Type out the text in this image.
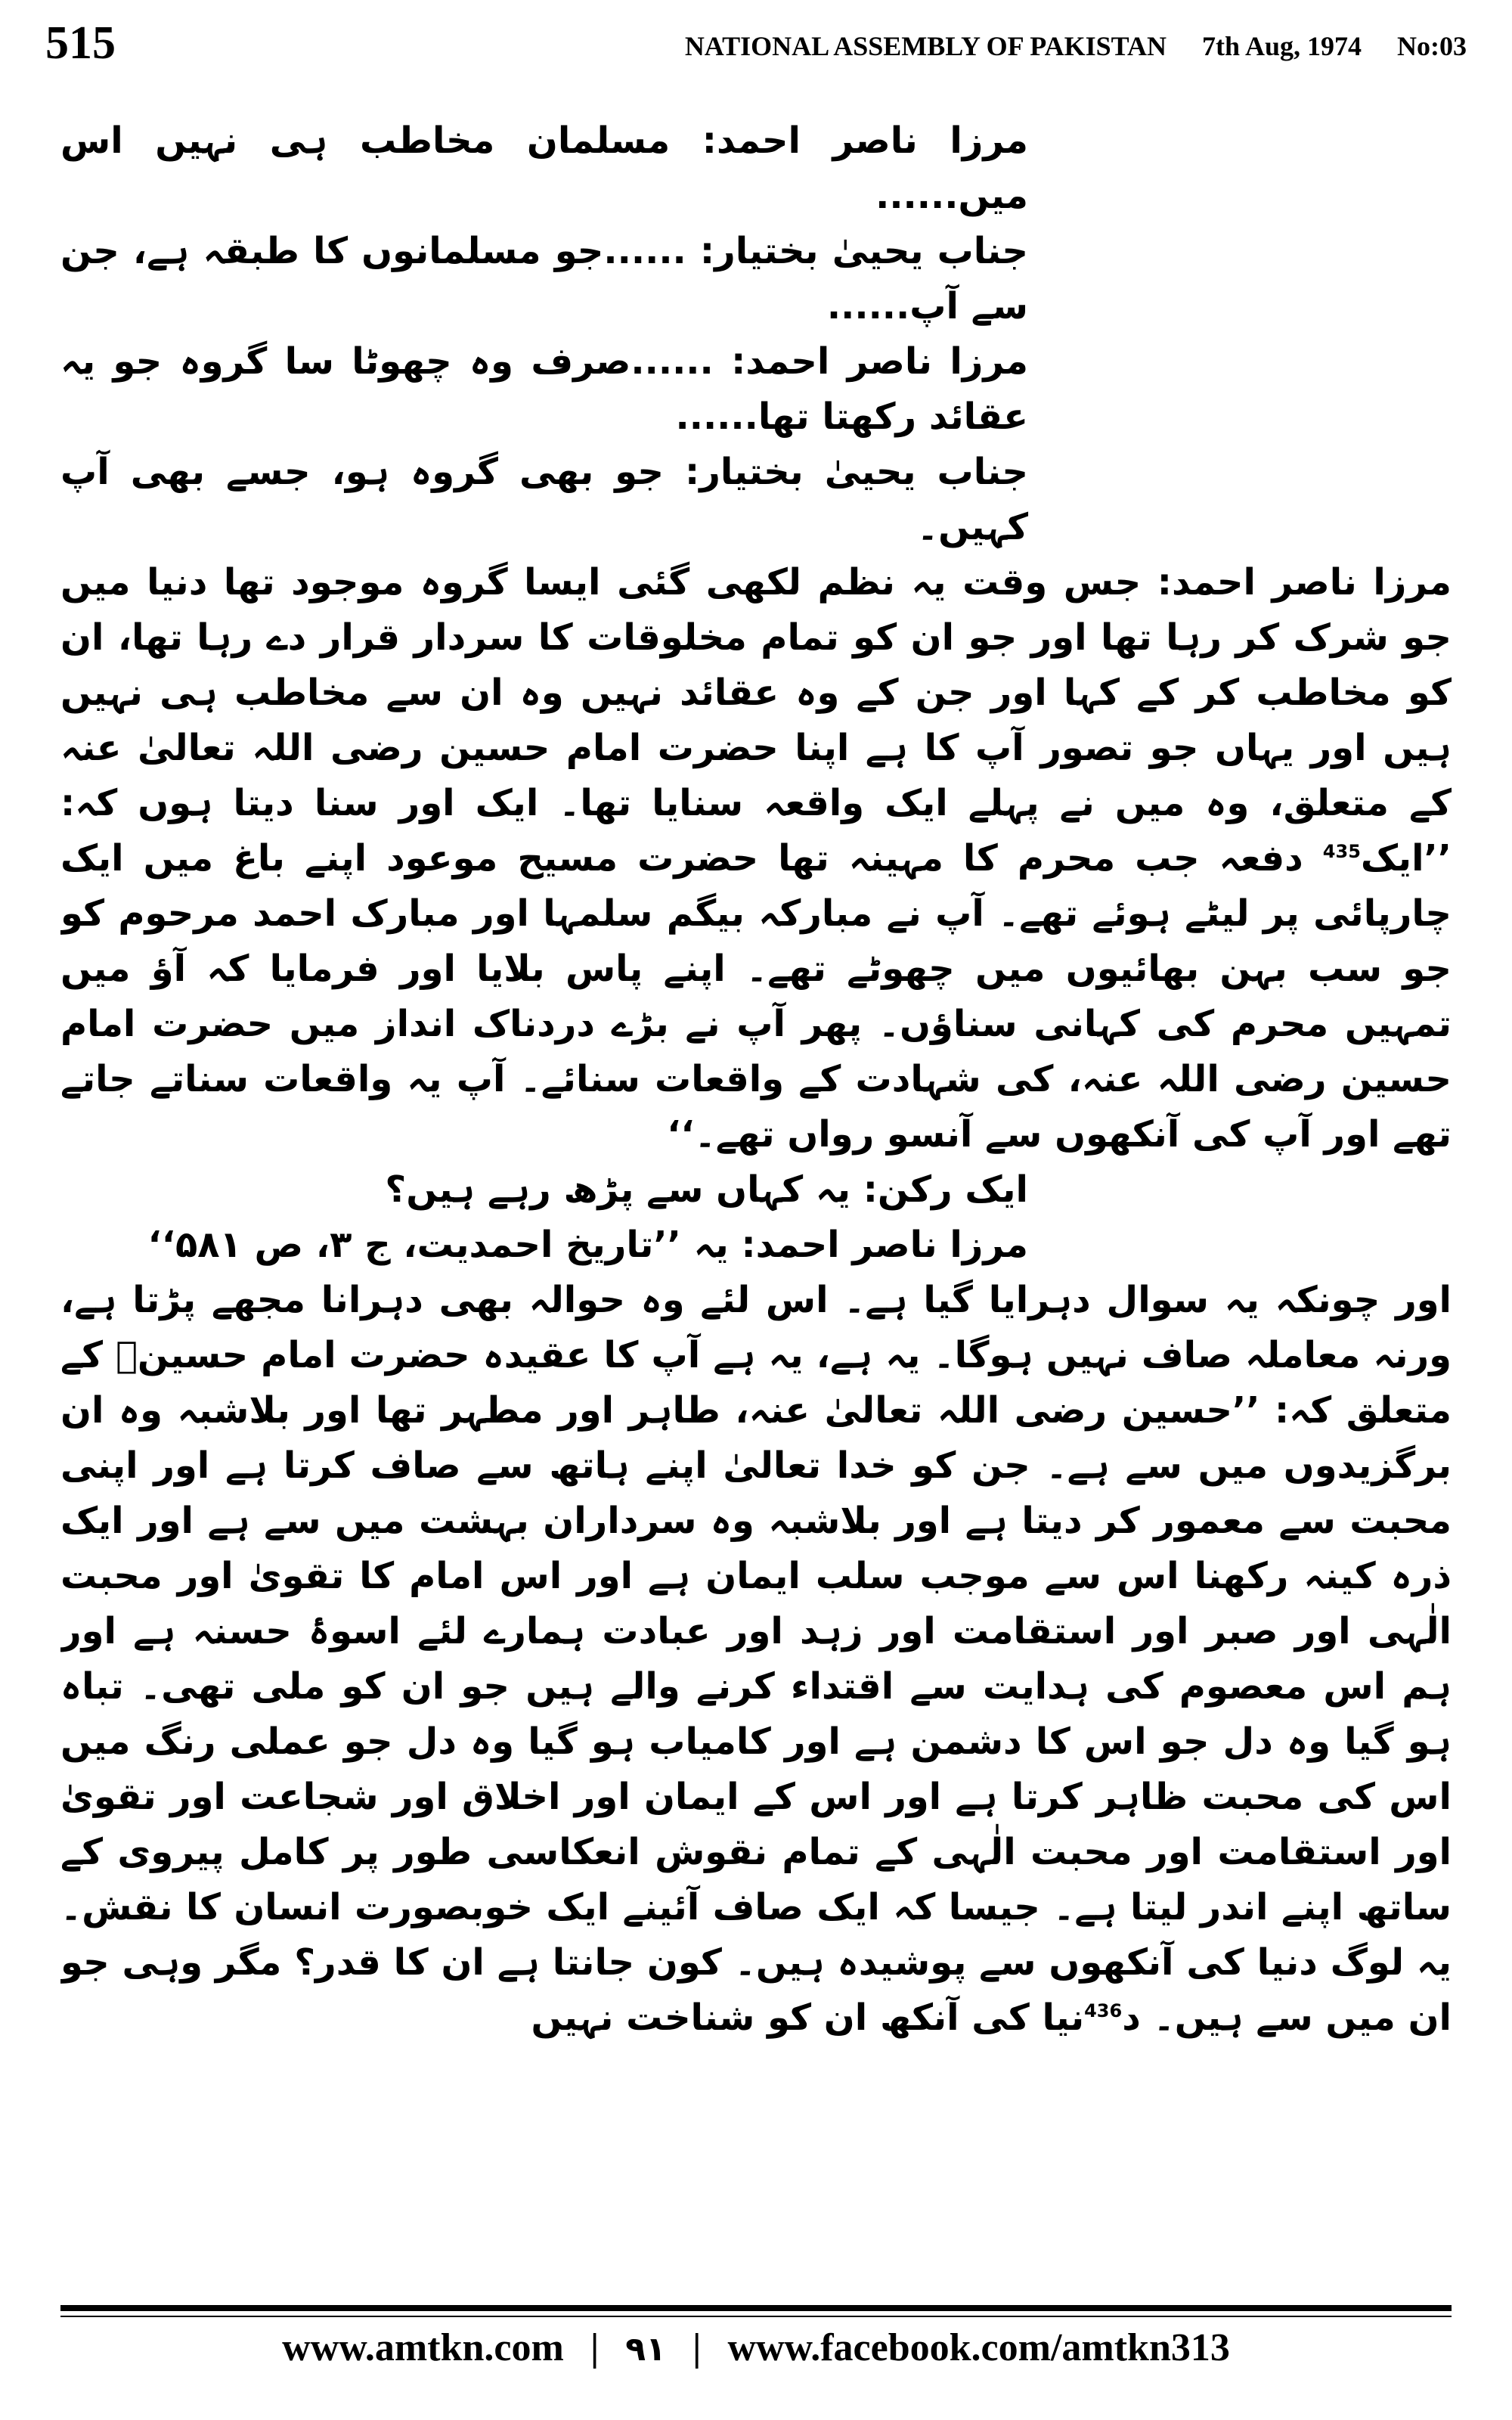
515	NATIONAL ASSEMBLY OF PAKISTAN 7th Aug, 1974 No:03

مرزا ناصر احمد: مسلمان مخاطب ہی نہیں اس میں......

جناب یحییٰ بختیار: ......جو مسلمانوں کا طبقہ ہے، جن سے آپ......

مرزا ناصر احمد: ......صرف وہ چھوٹا سا گروہ جو یہ عقائد رکھتا تھا......

جناب یحییٰ بختیار: جو بھی گروہ ہو، جسے بھی آپ کہیں۔

مرزا ناصر احمد: جس وقت یہ نظم لکھی گئی ایسا گروہ موجود تھا دنیا میں جو شرک کر رہا تھا اور جو ان کو تمام مخلوقات کا سردار قرار دے رہا تھا، ان کو مخاطب کر کے کہا اور جن کے وہ عقائد نہیں وہ ان سے مخاطب ہی نہیں ہیں اور یہاں جو تصور آپ کا ہے اپنا حضرت امام حسین رضی اللہ تعالیٰ عنہ کے متعلق، وہ میں نے پہلے ایک واقعہ سنایا تھا۔ ایک اور سنا دیتا ہوں کہ: ’’ایک$^{435}$ دفعہ جب محرم کا مہینہ تھا حضرت مسیح موعود اپنے باغ میں ایک چارپائی پر لیٹے ہوئے تھے۔ آپ نے مبارکہ بیگم سلمہا اور مبارک احمد مرحوم کو جو سب بہن بھائیوں میں چھوٹے تھے۔ اپنے پاس بلایا اور فرمایا کہ آؤ میں تمہیں محرم کی کہانی سناؤں۔ پھر آپ نے بڑے دردناک انداز میں حضرت امام حسین رضی اللہ عنہ، کی شہادت کے واقعات سنائے۔ آپ یہ واقعات سناتے جاتے تھے اور آپ کی آنکھوں سے آنسو رواں تھے۔‘‘

ایک رکن: یہ کہاں سے پڑھ رہے ہیں؟

مرزا ناصر احمد: یہ ’’تاریخ احمدیت، ج ۳، ص ۵۸۱‘‘

اور چونکہ یہ سوال دہرایا گیا ہے۔ اس لئے وہ حوالہ بھی دہرانا مجھے پڑتا ہے، ورنہ معاملہ صاف نہیں ہوگا۔ یہ ہے، یہ ہے آپ کا عقیدہ حضرت امام حسینؓ کے متعلق کہ: ’’حسین رضی اللہ تعالیٰ عنہ، طاہر اور مطہر تھا اور بلاشبہ وہ ان برگزیدوں میں سے ہے۔ جن کو خدا تعالیٰ اپنے ہاتھ سے صاف کرتا ہے اور اپنی محبت سے معمور کر دیتا ہے اور بلاشبہ وہ سرداران بہشت میں سے ہے اور ایک ذرہ کینہ رکھنا اس سے موجب سلب ایمان ہے اور اس امام کا تقویٰ اور محبت الٰہی اور صبر اور استقامت اور زہد اور عبادت ہمارے لئے اسوۂ حسنہ ہے اور ہم اس معصوم کی ہدایت سے اقتداء کرنے والے ہیں جو ان کو ملی تھی۔ تباہ ہو گیا وہ دل جو اس کا دشمن ہے اور کامیاب ہو گیا وہ دل جو عملی رنگ میں اس کی محبت ظاہر کرتا ہے اور اس کے ایمان اور اخلاق اور شجاعت اور تقویٰ اور استقامت اور محبت الٰہی کے تمام نقوش انعکاسی طور پر کامل پیروی کے ساتھ اپنے اندر لیتا ہے۔ جیسا کہ ایک صاف آئینے ایک خوبصورت انسان کا نقش۔ یہ لوگ دنیا کی آنکھوں سے پوشیدہ ہیں۔ کون جانتا ہے ان کا قدر؟ مگر وہی جو ان میں سے ہیں۔ د$^{436}$نیا کی آنکھ ان کو شناخت نہیں

www.amtkn.com | ۹۱ | www.facebook.com/amtkn313
